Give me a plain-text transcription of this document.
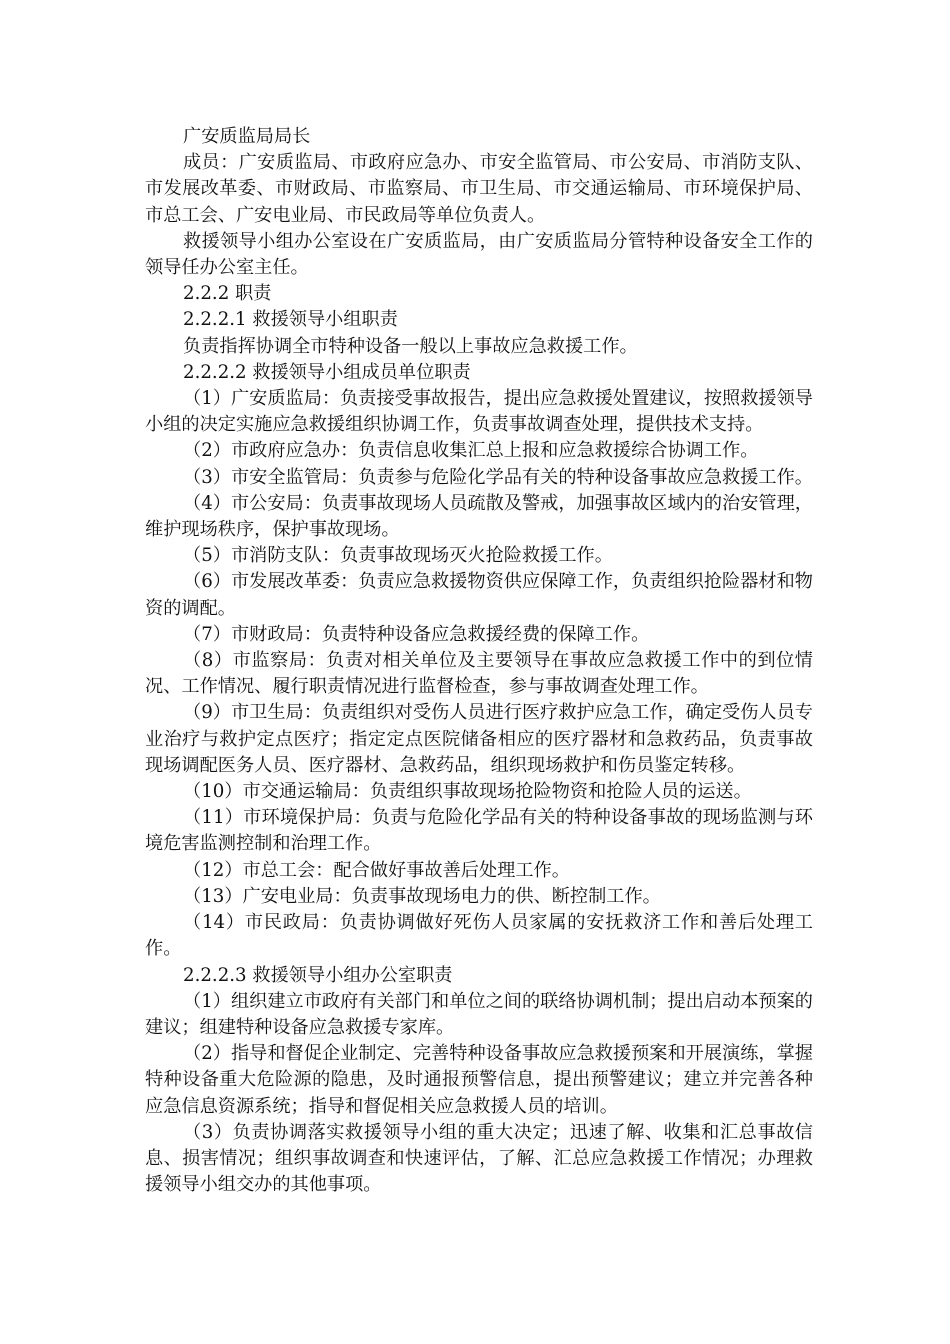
广安质监局局长

成员：广安质监局、市政府应急办、市安全监管局、市公安局、市消防支队、市发展改革委、市财政局、市监察局、市卫生局、市交通运输局、市环境保护局、市总工会、广安电业局、市民政局等单位负责人。

救援领导小组办公室设在广安质监局，由广安质监局分管特种设备安全工作的领导任办公室主任。

2.2.2 职责

2.2.2.1 救援领导小组职责

负责指挥协调全市特种设备一般以上事故应急救援工作。

2.2.2.2 救援领导小组成员单位职责

（1）广安质监局：负责接受事故报告，提出应急救援处置建议，按照救援领导小组的决定实施应急救援组织协调工作，负责事故调查处理，提供技术支持。

（2）市政府应急办：负责信息收集汇总上报和应急救援综合协调工作。

（3）市安全监管局：负责参与危险化学品有关的特种设备事故应急救援工作。

（4）市公安局：负责事故现场人员疏散及警戒，加强事故区域内的治安管理，维护现场秩序，保护事故现场。

（5）市消防支队：负责事故现场灭火抢险救援工作。

（6）市发展改革委：负责应急救援物资供应保障工作，负责组织抢险器材和物资的调配。

（7）市财政局：负责特种设备应急救援经费的保障工作。

（8）市监察局：负责对相关单位及主要领导在事故应急救援工作中的到位情况、工作情况、履行职责情况进行监督检查，参与事故调查处理工作。

（9）市卫生局：负责组织对受伤人员进行医疗救护应急工作，确定受伤人员专业治疗与救护定点医疗；指定定点医院储备相应的医疗器材和急救药品，负责事故现场调配医务人员、医疗器材、急救药品，组织现场救护和伤员鉴定转移。

（10）市交通运输局：负责组织事故现场抢险物资和抢险人员的运送。

（11）市环境保护局：负责与危险化学品有关的特种设备事故的现场监测与环境危害监测控制和治理工作。

（12）市总工会：配合做好事故善后处理工作。

（13）广安电业局：负责事故现场电力的供、断控制工作。

（14）市民政局：负责协调做好死伤人员家属的安抚救济工作和善后处理工作。

2.2.2.3 救援领导小组办公室职责

（1）组织建立市政府有关部门和单位之间的联络协调机制；提出启动本预案的建议；组建特种设备应急救援专家库。

（2）指导和督促企业制定、完善特种设备事故应急救援预案和开展演练，掌握特种设备重大危险源的隐患，及时通报预警信息，提出预警建议；建立并完善各种应急信息资源系统；指导和督促相关应急救援人员的培训。

（3）负责协调落实救援领导小组的重大决定；迅速了解、收集和汇总事故信息、损害情况；组织事故调查和快速评估，了解、汇总应急救援工作情况；办理救援领导小组交办的其他事项。
